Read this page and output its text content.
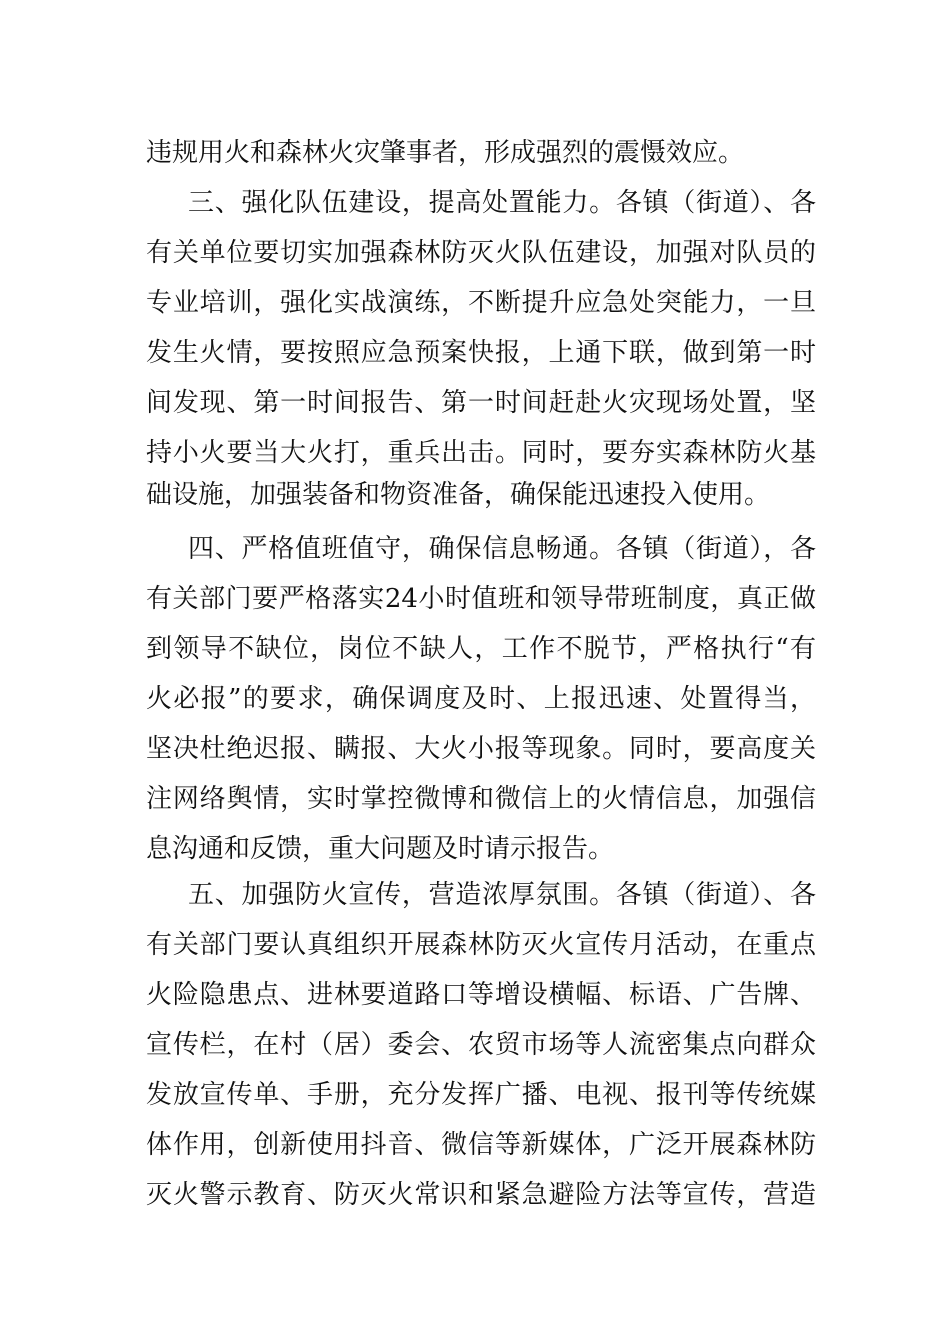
违规用火和森林火灾肇事者，形成强烈的震慑效应。
三、强化队伍建设，提高处置能力。各镇（街道）、各
有关单位要切实加强森林防灭火队伍建设，加强对队员的
专业培训，强化实战演练，不断提升应急处突能力，一旦
发生火情，要按照应急预案快报，上通下联，做到第一时
间发现、第一时间报告、第一时间赶赴火灾现场处置，坚
持小火要当大火打，重兵出击。同时，要夯实森林防火基
础设施，加强装备和物资准备，确保能迅速投入使用。
四、严格值班值守，确保信息畅通。各镇（街道），各
有关部门要严格落实24小时值班和领导带班制度，真正做
到领导不缺位，岗位不缺人，工作不脱节，严格执行“有
火必报”的要求，确保调度及时、上报迅速、处置得当，
坚决杜绝迟报、瞒报、大火小报等现象。同时，要高度关
注网络舆情，实时掌控微博和微信上的火情信息，加强信
息沟通和反馈，重大问题及时请示报告。
五、加强防火宣传，营造浓厚氛围。各镇（街道）、各
有关部门要认真组织开展森林防灭火宣传月活动，在重点
火险隐患点、进林要道路口等增设横幅、标语、广告牌、
宣传栏，在村（居）委会、农贸市场等人流密集点向群众
发放宣传单、手册，充分发挥广播、电视、报刊等传统媒
体作用，创新使用抖音、微信等新媒体，广泛开展森林防
灭火警示教育、防灭火常识和紧急避险方法等宣传，营造
